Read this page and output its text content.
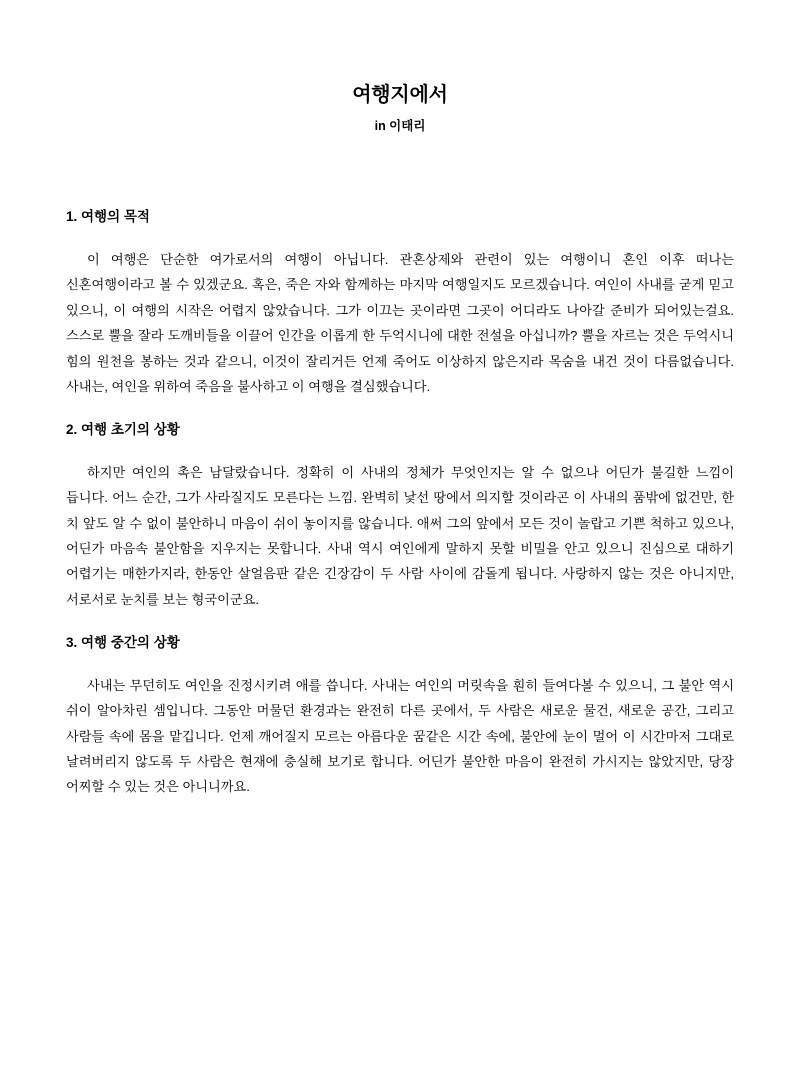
여행지에서
in 이태리
1. 여행의 목적

이 여행은 단순한 여가로서의 여행이 아닙니다. 관혼상제와 관련이 있는 여행이니 혼인 이후 떠나는 신혼여행이라고 볼 수 있겠군요. 혹은, 죽은 자와 함께하는 마지막 여행일지도 모르겠습니다. 여인이 사내를 굳게 믿고 있으니, 이 여행의 시작은 어렵지 않았습니다. 그가 이끄는 곳이라면 그곳이 어디라도 나아갈 준비가 되어있는걸요. 스스로 뿔을 잘라 도깨비들을 이끌어 인간을 이롭게 한 두억시니에 대한 전설을 아십니까? 뿔을 자르는 것은 두억시니 힘의 원천을 봉하는 것과 같으니, 이것이 잘리거든 언제 죽어도 이상하지 않은지라 목숨을 내건 것이 다름없습니다. 사내는, 여인을 위하여 죽음을 불사하고 이 여행을 결심했습니다.

2. 여행 초기의 상황

하지만 여인의 촉은 남달랐습니다. 정확히 이 사내의 정체가 무엇인지는 알 수 없으나 어딘가 불길한 느낌이 듭니다. 어느 순간, 그가 사라질지도 모른다는 느낌. 완벽히 낯선 땅에서 의지할 것이라곤 이 사내의 품밖에 없건만, 한 치 앞도 알 수 없이 불안하니 마음이 쉬이 놓이지를 않습니다. 애써 그의 앞에서 모든 것이 놀랍고 기쁜 척하고 있으나, 어딘가 마음속 불안함을 지우지는 못합니다. 사내 역시 여인에게 말하지 못할 비밀을 안고 있으니 진심으로 대하기 어렵기는 매한가지라, 한동안 살얼음판 같은 긴장감이 두 사람 사이에 감돌게 됩니다. 사랑하지 않는 것은 아니지만, 서로서로 눈치를 보는 형국이군요.

3. 여행 중간의 상황

사내는 무던히도 여인을 진정시키려 애를 씁니다. 사내는 여인의 머릿속을 훤히 들여다볼 수 있으니, 그 불안 역시 쉬이 알아차린 셈입니다. 그동안 머물던 환경과는 완전히 다른 곳에서, 두 사람은 새로운 물건, 새로운 공간, 그리고 사람들 속에 몸을 맡깁니다. 언제 깨어질지 모르는 아름다운 꿈같은 시간 속에, 불안에 눈이 멀어 이 시간마저 그대로 날려버리지 않도록 두 사람은 현재에 충실해 보기로 합니다. 어딘가 불안한 마음이 완전히 가시지는 않았지만, 당장 어찌할 수 있는 것은 아니니까요.
